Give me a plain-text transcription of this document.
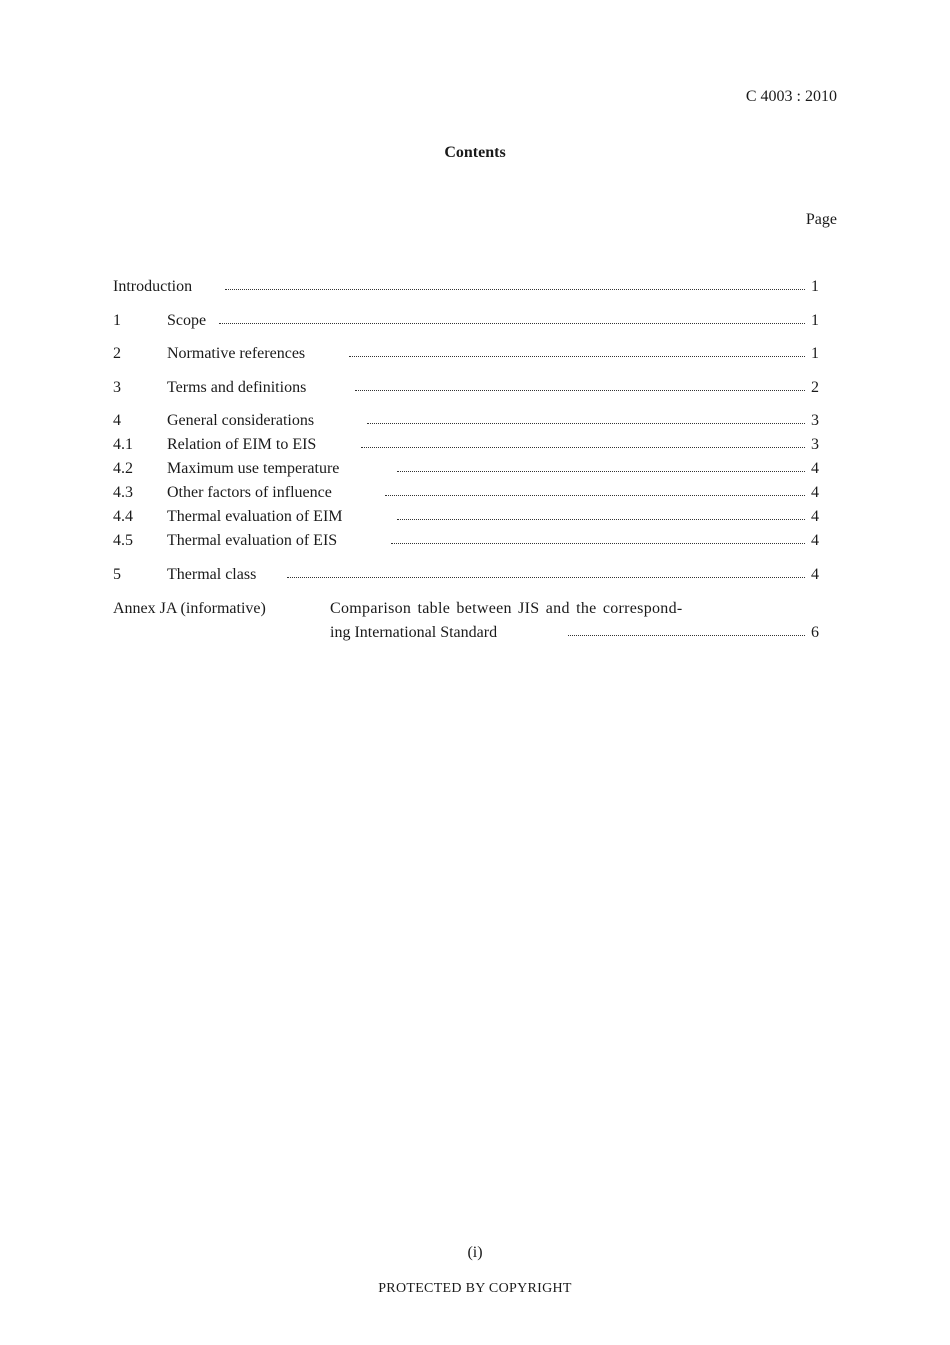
C 4003 : 2010
Contents
Page
Introduction	1
1	Scope	1
2	Normative references	1
3	Terms and definitions	2
4	General considerations	3
4.1 Relation of EIM to EIS	3
4.2 Maximum use temperature	4
4.3 Other factors of influence	4
4.4 Thermal evaluation of EIM	4
4.5 Thermal evaluation of EIS	4
5	Thermal class	4
Annex JA (informative)	Comparison table between JIS and the correspond-
ing International Standard	6
(i)
PROTECTED BY COPYRIGHT
